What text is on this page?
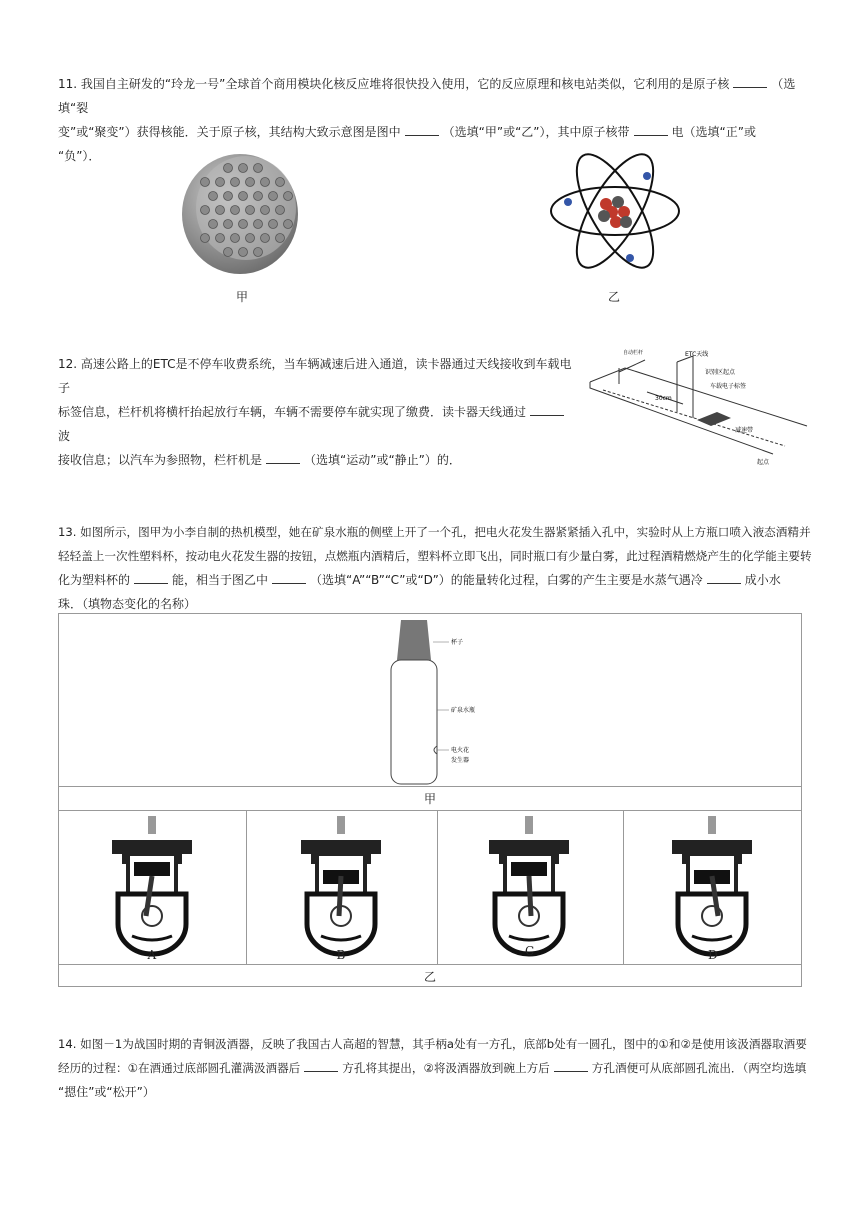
11. 我国自主研发的“玲龙一号”全球首个商用模块化核反应堆将很快投入使用，它的反应原理和核电站类似，它利用的是原子核	（选填“裂
变”或“聚变”）获得核能．关于原子核，其结构大致示意图是图中	（选填“甲”或“乙”），其中原子核带	电（选填“正”或
“负”）．
甲	乙
12. 高速公路上的ETC是不停车收费系统，当车辆减速后进入通道，读卡器通过天线接收到车载电子
标签信息，栏杆机将横杆抬起放行车辆，车辆不需要停车就实现了缴费．读卡器天线通过波
接收信息；以汽车为参照物，栏杆机是	（选填“运动”或“静止”）的．
自动栏杆	ETC天线
识别区起点
车载电子标签
30cm
减速带
起点
13. 如图所示，图甲为小李自制的热机模型，她在矿泉水瓶的侧壁上开了一个孔，把电火花发生器紧紧插入孔中，实验时从上方瓶口喷入液态酒精并
轻轻盖上一次性塑料杯，按动电火花发生器的按钮，点燃瓶内酒精后，塑料杯立即飞出，同时瓶口有少量白雾，此过程酒精燃烧产生的化学能主要转
化为塑料杯的	能，相当于图乙中	（选填“A”“B”“C”或“D”）的能量转化过程，白雾的产生主要是水蒸气遇冷	成小水
珠．（填物态变化的名称）
杯子
矿泉水瓶
电火花
发生器
甲
乙
A	B	C	D
14. 如图－1为战国时期的青铜汲酒器，反映了我国古人高超的智慧，其手柄a处有一方孔，底部b处有一圆孔，图中的①和②是使用该汲酒器取酒要
经历的过程：①在酒通过底部圆孔灌满汲酒器后	方孔将其提出，②将汲酒器放到碗上方后	方孔酒便可从底部圆孔流出．（两空均选填
“摁住”或“松开”）
